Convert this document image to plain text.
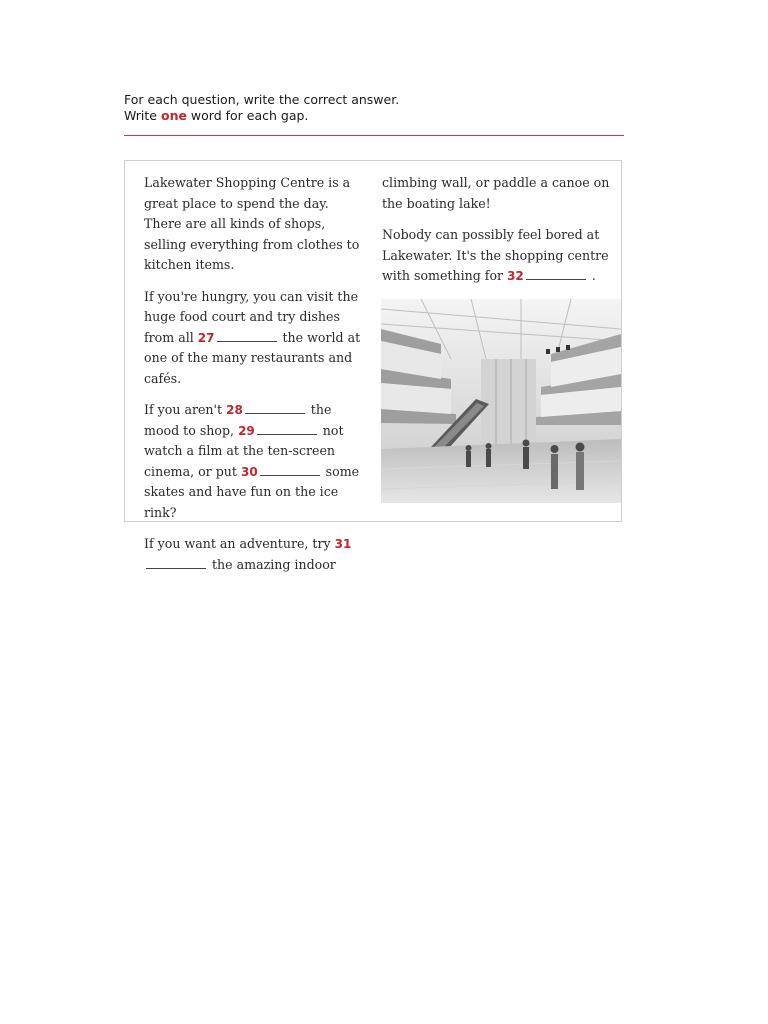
For each question, write the correct answer.
Write one word for each gap.

Lakewater Shopping Centre is a great place to spend the day. There are all kinds of shops, selling everything from clothes to kitchen items.

If you're hungry, you can visit the huge food court and try dishes from all 27	the world at one of the many restaurants and cafés.

If you aren't 28	the mood to shop, 29	not watch a film at the ten-screen cinema, or put 30	some skates and have fun on the ice rink?

If you want an adventure, try 31the amazing indoor

climbing wall, or paddle a canoe on the boating lake!

Nobody can possibly feel bored at Lakewater. It's the shopping centre with something for 32	.
